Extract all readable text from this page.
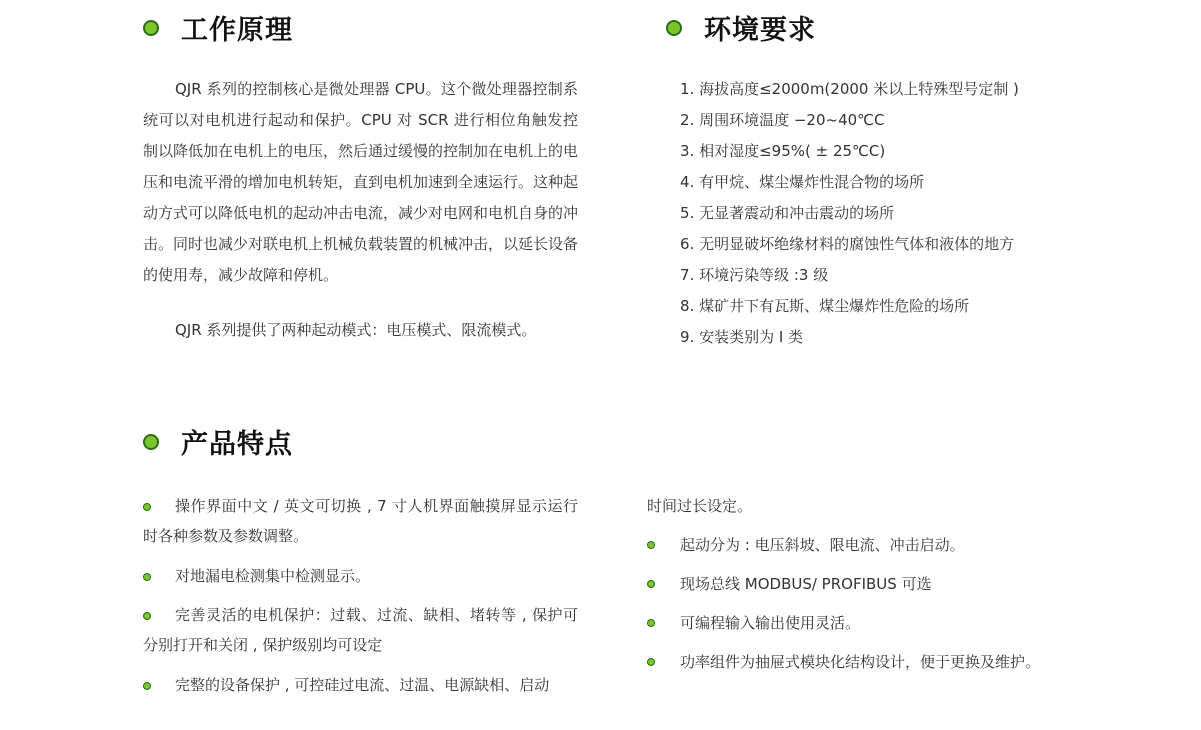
工作原理
QJR 系列的控制核心是微处理器 CPU。这个微处理器控制系统可以对电机进行起动和保护。CPU 对 SCR 进行相位角触发控制以降低加在电机上的电压，然后通过缓慢的控制加在电机上的电压和电流平滑的增加电机转矩，直到电机加速到全速运行。这种起动方式可以降低电机的起动冲击电流，减少对电网和电机自身的冲击。同时也减少对联电机上机械负载装置的机械冲击，以延长设备的使用寿，减少故障和停机。
QJR 系列提供了两种起动模式：电压模式、限流模式。
环境要求
1. 海拔高度≤2000m(2000 米以上特殊型号定制 )
2. 周围环境温度 −20~40℃C
3. 相对湿度≤95%( ± 25℃C)
4. 有甲烷、煤尘爆炸性混合物的场所
5. 无显著震动和冲击震动的场所
6. 无明显破坏绝缘材料的腐蚀性气体和液体的地方
7. 环境污染等级 :3 级
8. 煤矿井下有瓦斯、煤尘爆炸性危险的场所
9. 安装类别为 I 类
产品特点
操作界面中文 / 英文可切换 , 7 寸人机界面触摸屏显示运行时各种参数及参数调整。
对地漏电检测集中检测显示。
完善灵活的电机保护：过载、过流、缺相、堵转等 , 保护可分别打开和关闭 , 保护级别均可设定
完整的设备保护 , 可控硅过电流、过温、电源缺相、启动
时间过长设定。
起动分为 : 电压斜坡、限电流、冲击启动。
现场总线 MODBUS/ PROFIBUS 可选
可编程输入输出使用灵活。
功率组件为抽屉式模块化结构设计，便于更换及维护。
